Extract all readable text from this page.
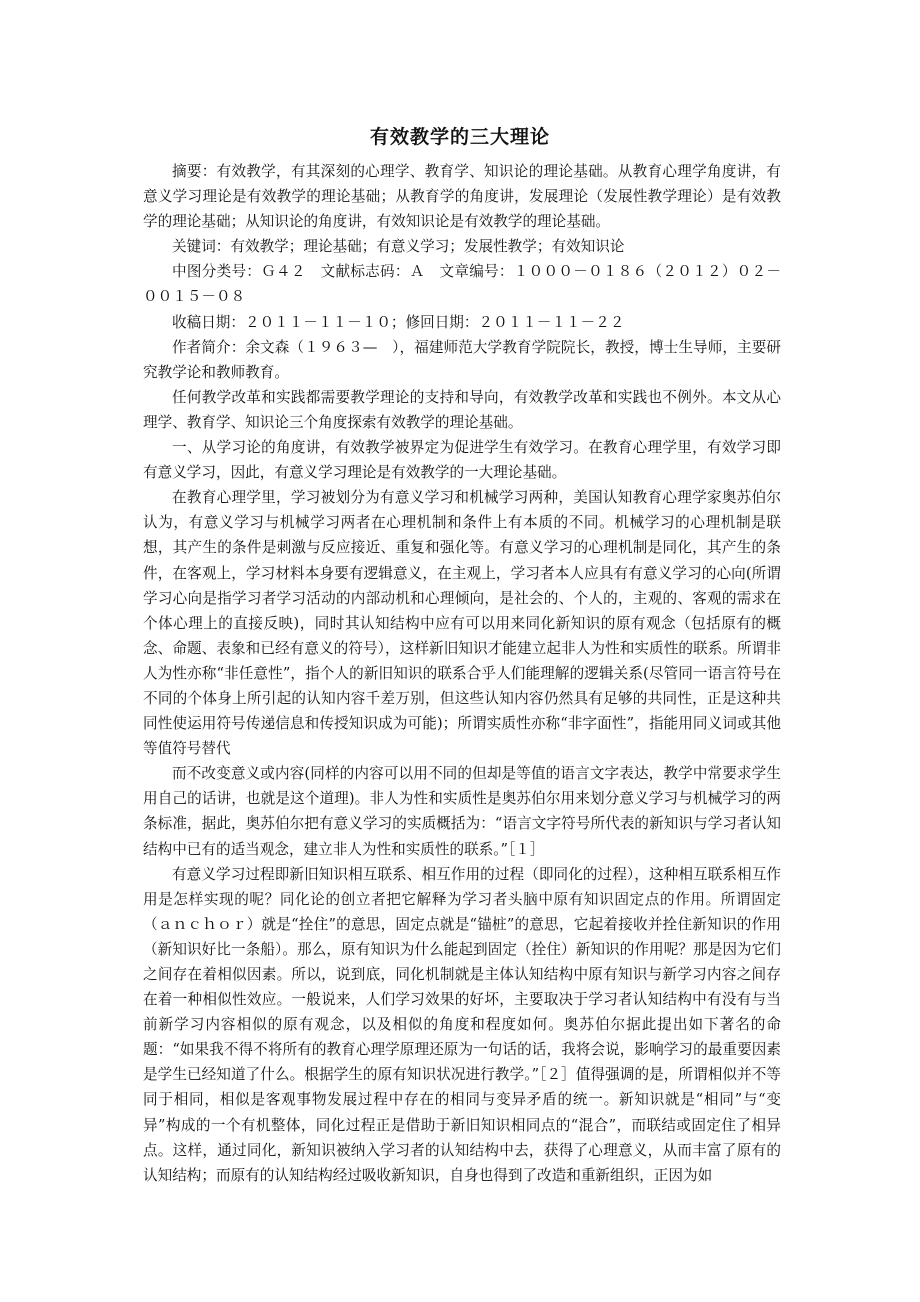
有效教学的三大理论

摘要：有效教学，有其深刻的心理学、教育学、知识论的理论基础。从教育心理学角度讲，有意义学习理论是有效教学的理论基础；从教育学的角度讲，发展理论（发展性教学理论）是有效教学的理论基础；从知识论的角度讲，有效知识论是有效教学的理论基础。

关键词：有效教学；理论基础；有意义学习；发展性教学；有效知识论

中图分类号：Ｇ４２　文献标志码：Ａ　文章编号：１０００－０１８６（２０１２）０２－００１５－０８

收稿日期：２０１１－１１－１０；修回日期：２０１１－１１－２２

作者简介：余文森（１９６３—　），福建师范大学教育学院院长，教授，博士生导师，主要研究教学论和教师教育。

任何教学改革和实践都需要教学理论的支持和导向，有效教学改革和实践也不例外。本文从心理学、教育学、知识论三个角度探索有效教学的理论基础。

一、从学习论的角度讲，有效教学被界定为促进学生有效学习。在教育心理学里，有效学习即有意义学习，因此，有意义学习理论是有效教学的一大理论基础。

在教育心理学里，学习被划分为有意义学习和机械学习两种，美国认知教育心理学家奥苏伯尔认为，有意义学习与机械学习两者在心理机制和条件上有本质的不同。机械学习的心理机制是联想，其产生的条件是刺激与反应接近、重复和强化等。有意义学习的心理机制是同化，其产生的条件，在客观上，学习材料本身要有逻辑意义，在主观上，学习者本人应具有有意义学习的心向(所谓学习心向是指学习者学习活动的内部动机和心理倾向，是社会的、个人的，主观的、客观的需求在个体心理上的直接反映)，同时其认知结构中应有可以用来同化新知识的原有观念（包括原有的概念、命题、表象和已经有意义的符号），这样新旧知识才能建立起非人为性和实质性的联系。所谓非人为性亦称“非任意性”，指个人的新旧知识的联系合乎人们能理解的逻辑关系(尽管同一语言符号在不同的个体身上所引起的认知内容千差万别，但这些认知内容仍然具有足够的共同性，正是这种共同性使运用符号传递信息和传授知识成为可能)；所谓实质性亦称“非字面性”，指能用同义词或其他等值符号替代

而不改变意义或内容(同样的内容可以用不同的但却是等值的语言文字表达，教学中常要求学生用自己的话讲，也就是这个道理)。非人为性和实质性是奥苏伯尔用来划分意义学习与机械学习的两条标准，据此，奥苏伯尔把有意义学习的实质概括为：“语言文字符号所代表的新知识与学习者认知结构中已有的适当观念，建立非人为性和实质性的联系。”［１］

有意义学习过程即新旧知识相互联系、相互作用的过程（即同化的过程），这种相互联系相互作用是怎样实现的呢？同化论的创立者把它解释为学习者头脑中原有知识固定点的作用。所谓固定（ａｎｃｈｏｒ）就是“拴住”的意思，固定点就是“锚桩”的意思，它起着接收并拴住新知识的作用（新知识好比一条船）。那么，原有知识为什么能起到固定（拴住）新知识的作用呢？那是因为它们之间存在着相似因素。所以，说到底，同化机制就是主体认知结构中原有知识与新学习内容之间存在着一种相似性效应。一般说来，人们学习效果的好坏，主要取决于学习者认知结构中有没有与当前新学习内容相似的原有观念，以及相似的角度和程度如何。奥苏伯尔据此提出如下著名的命题：“如果我不得不将所有的教育心理学原理还原为一句话的话，我将会说，影响学习的最重要因素是学生已经知道了什么。根据学生的原有知识状况进行教学。”［２］值得强调的是，所谓相似并不等同于相同，相似是客观事物发展过程中存在的相同与变异矛盾的统一。新知识就是“相同”与“变异”构成的一个有机整体，同化过程正是借助于新旧知识相同点的“混合”，而联结或固定住了相异点。这样，通过同化，新知识被纳入学习者的认知结构中去，获得了心理意义，从而丰富了原有的认知结构；而原有的认知结构经过吸收新知识，自身也得到了改造和重新组织，正因为如
